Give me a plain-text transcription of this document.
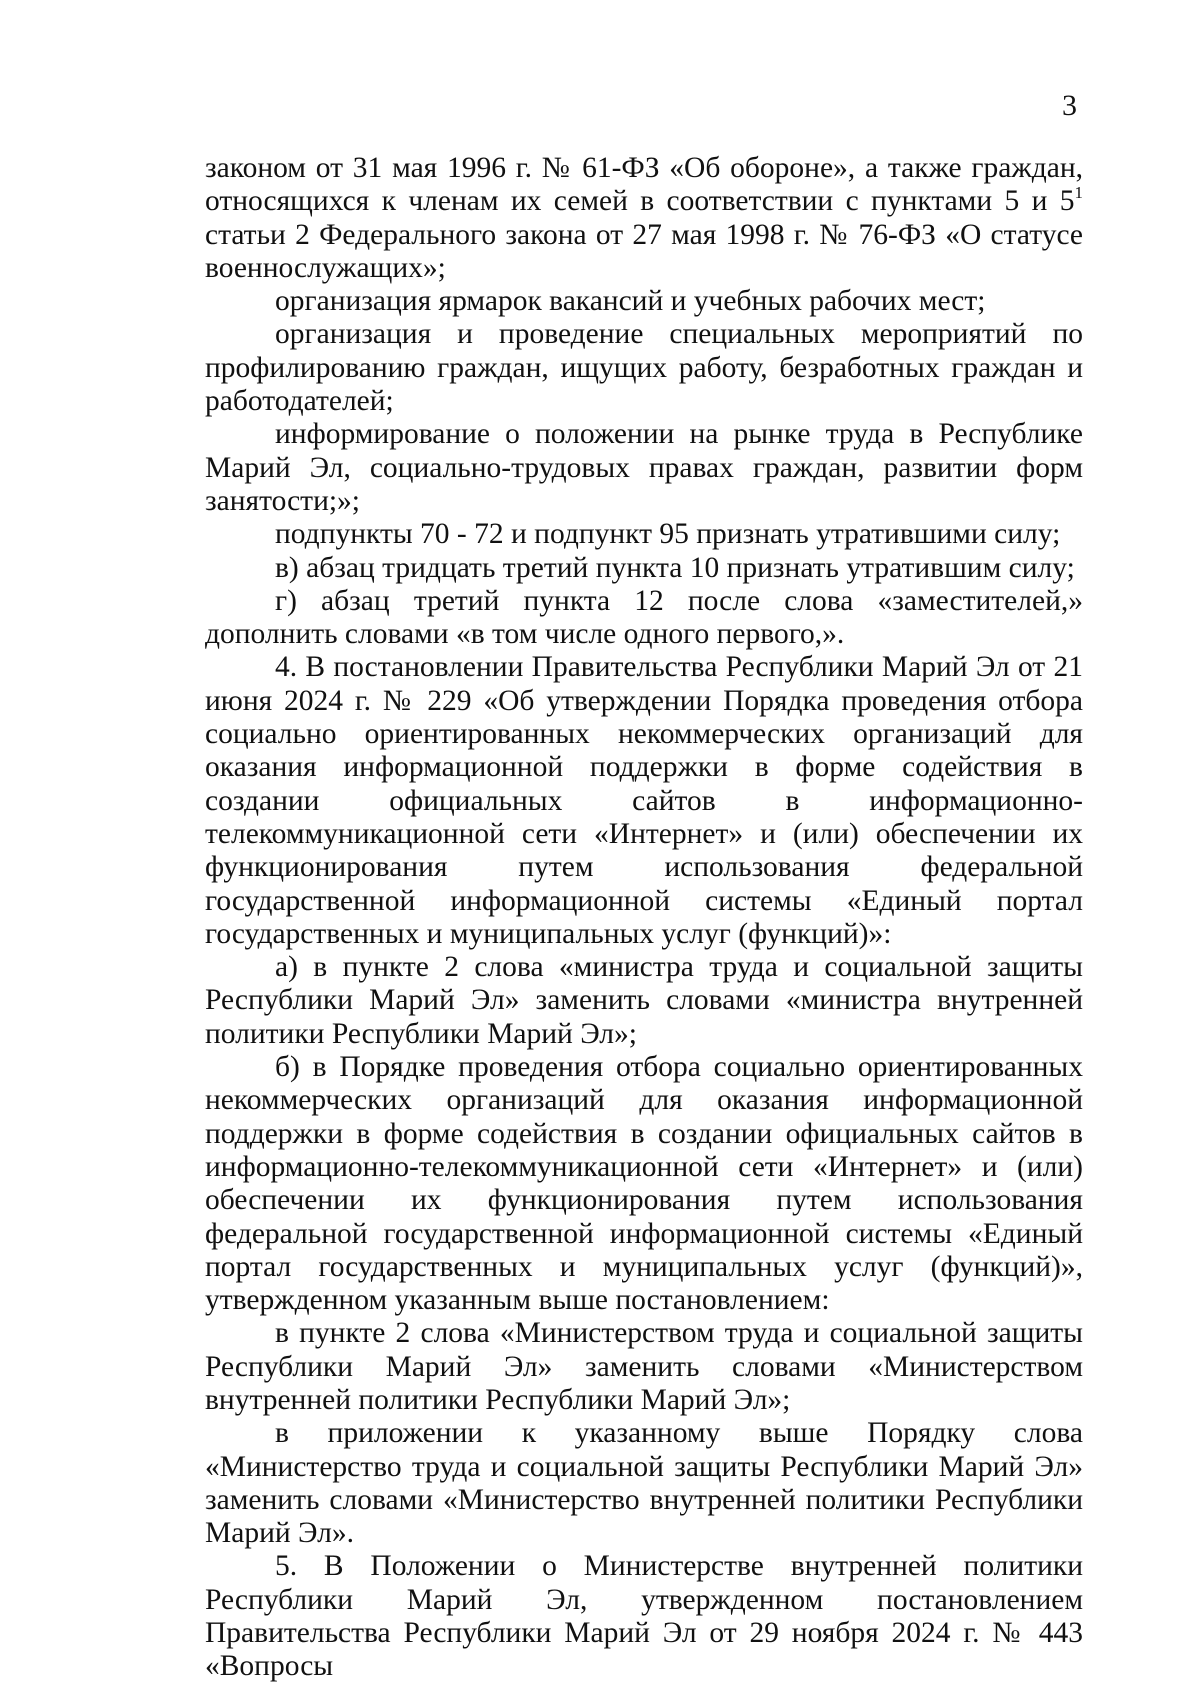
3

законом от 31 мая 1996 г. № 61-ФЗ «Об обороне», а также граждан, относящихся к членам их семей в соответствии с пунктами 5 и $5^1$ статьи 2 Федерального закона от 27 мая 1998 г. № 76-ФЗ «О статусе военнослужащих»;

организация ярмарок вакансий и учебных рабочих мест;

организация и проведение специальных мероприятий по профилированию граждан, ищущих работу, безработных граждан и работодателей;

информирование о положении на рынке труда в Республике Марий Эл, социально-трудовых правах граждан, развитии форм занятости;»;

подпункты 70 - 72 и подпункт 95 признать утратившими силу;

в) абзац тридцать третий пункта 10 признать утратившим силу;

г) абзац третий пункта 12 после слова «заместителей,» дополнить словами «в том числе одного первого,».

4. В постановлении Правительства Республики Марий Эл от 21 июня 2024 г. № 229 «Об утверждении Порядка проведения отбора социально ориентированных некоммерческих организаций для оказания информационной поддержки в форме содействия в создании официальных сайтов в информационно-телекоммуникационной сети «Интернет» и (или) обеспечении их функционирования путем использования федеральной государственной информационной системы «Единый портал государственных и муниципальных услуг (функций)»:

а) в пункте 2 слова «министра труда и социальной защиты Республики Марий Эл» заменить словами «министра внутренней политики Республики Марий Эл»;

б) в Порядке проведения отбора социально ориентированных некоммерческих организаций для оказания информационной поддержки в форме содействия в создании официальных сайтов в информационно-телекоммуникационной сети «Интернет» и (или) обеспечении их функционирования путем использования федеральной государственной информационной системы «Единый портал государственных и муниципальных услуг (функций)», утвержденном указанным выше постановлением:

в пункте 2 слова «Министерством труда и социальной защиты Республики Марий Эл» заменить словами «Министерством внутренней политики Республики Марий Эл»;

в приложении к указанному выше Порядку слова «Министерство труда и социальной защиты Республики Марий Эл» заменить словами «Министерство внутренней политики Республики Марий Эл».

5. В Положении о Министерстве внутренней политики Республики Марий Эл, утвержденном постановлением Правительства Республики Марий Эл от 29 ноября 2024 г. № 443 «Вопросы
